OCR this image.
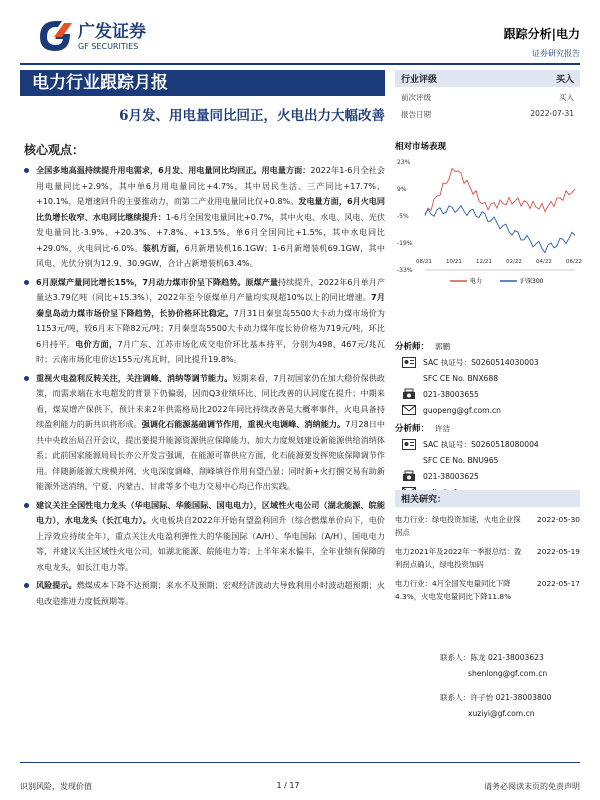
广发证券
GF SECURITIES
跟踪分析|电力
证券研究报告
电力行业跟踪月报
6月发、用电量同比回正，火电出力大幅改善
核心观点：
全国多地高温持续提升用电需求，6月发、用电量同比均回正。用电量方面：2022年1-6月全社会用电量同比+2.9%，其中单6月用电量同比+4.7%，其中居民生活、三产同比+17.7%、+10.1%，是增速回升的主要推动力，而第二产业用电量同比仅+0.8%。发电量方面，6月火电同比负增长收窄、水电同比继续提升：1-6月全国发电量同比+0.7%，其中火电、水电、风电、光伏发电量同比-3.9%、+20.3%、+7.8%、+13.5%。单6月全国同比+1.5%，其中水电同比+29.0%，火电同比-6.0%。装机方面，6月新增装机16.1GW；1-6月新增装机69.1GW，其中风电、光伏分别为12.9、30.9GW，合计占新增装机63.4%。
6月原煤产量同比增长15%，7月动力煤市价呈下降趋势。原煤产量持续提升，2022年6月单月产量达3.79亿吨（同比+15.3%），2022年至今原煤单月产量均实现超10%以上的同比增速。7月秦皇岛动力煤市场价呈下降趋势，长协价格环比稳定。7月31日秦皇岛5500大卡动力煤市场价为1153元/吨，较6月末下降82元/吨；7月秦皇岛5500大卡动力煤年度长协价格为719元/吨，环比6月持平。电价方面，7月广东、江苏市场化成交电价环比基本持平，分别为498、467元/兆瓦时；云南市场化电价达155元/兆瓦时，同比提升19.8%。
重视火电盈利反转关注，关注调峰、消纳等调节能力。短期来看，7月初国家仍在加大稳价保供政策，而需求端在水电超发的背景下仍偏弱，因而Q3业绩环比、同比改善的认同度在提升；中期来看，煤炭增产保供下，预计未来2年供需格局比2022年同比持续改善是大概率事件，火电具备持续盈利能力的新共识将形成。强调化石能源基础调节作用，重视火电调峰、消纳能力。7月28日中共中央政治局召开会议，提出要提升能源资源供应保障能力，加大力度规划建设新能源供给消纳体系；此前国家能源局局长亦公开发言强调，在能源可靠供应方面，化石能源要发挥兜底保障调节作用。伴随新能源大规模并网，火电深度调峰、削峰填谷作用有望凸显；同时新+火打捆交易有助新能源外送消纳，宁夏、内蒙古、甘肃等多个电力交易中心均已作出实践。
建议关注全国性电力龙头（华电国际、华能国际、国电电力），区域性火电公司（湖北能源、皖能电力），水电龙头（长江电力）。火电板块自2022年开始有望盈利回升（综合燃煤单价向下，电价上浮效应持续全年），重点关注火电盈利弹性大的华能国际（A/H）、华电国际（A/H）、国电电力等，并建议关注区域性火电公司，如湖北能源、皖能电力等；上半年来水偏丰，全年业绩有保障的水电龙头，如长江电力等。
风险提示。燃煤成本下降不达预期；来水不及预期；宏观经济波动大导致利用小时波动超预期；火电改造推进力度低预期等。
行业评级	买入
前次评级	买入
报告日期	2022-07-31
相对市场表现
23%
9%
-5%
-19%
-33%
08/21	10/21	12/21	02/22	04/22	06/22
电力	沪深300
分析师： 郭鹏
SAC 执证号：S0260514030003
SFC CE No. BNX688
021-38003655
guopeng@gf.com.cn
分析师： 许洁
SAC 执证号：S0260518080004
SFC CE No. BNU965
021-38003625
相关研究：
电力行业：绿电投资加速，火电企业探拐点
2022-05-30
电力2021年及2022年一季报总结：盈利拐点确认，绿电投资加码
2022-05-19
电力行业：4月全国发电量同比下降4.3%，火电发电量同比下降11.8%
2022-05-17
联系人：陈龙 021-38003623
shenlong@gf.com.cn
联系人：许子怡 021-38003800
xuziyi@gf.com.cn
识别风险，发现价值	1 / 17	请务必阅读末页的免责声明
